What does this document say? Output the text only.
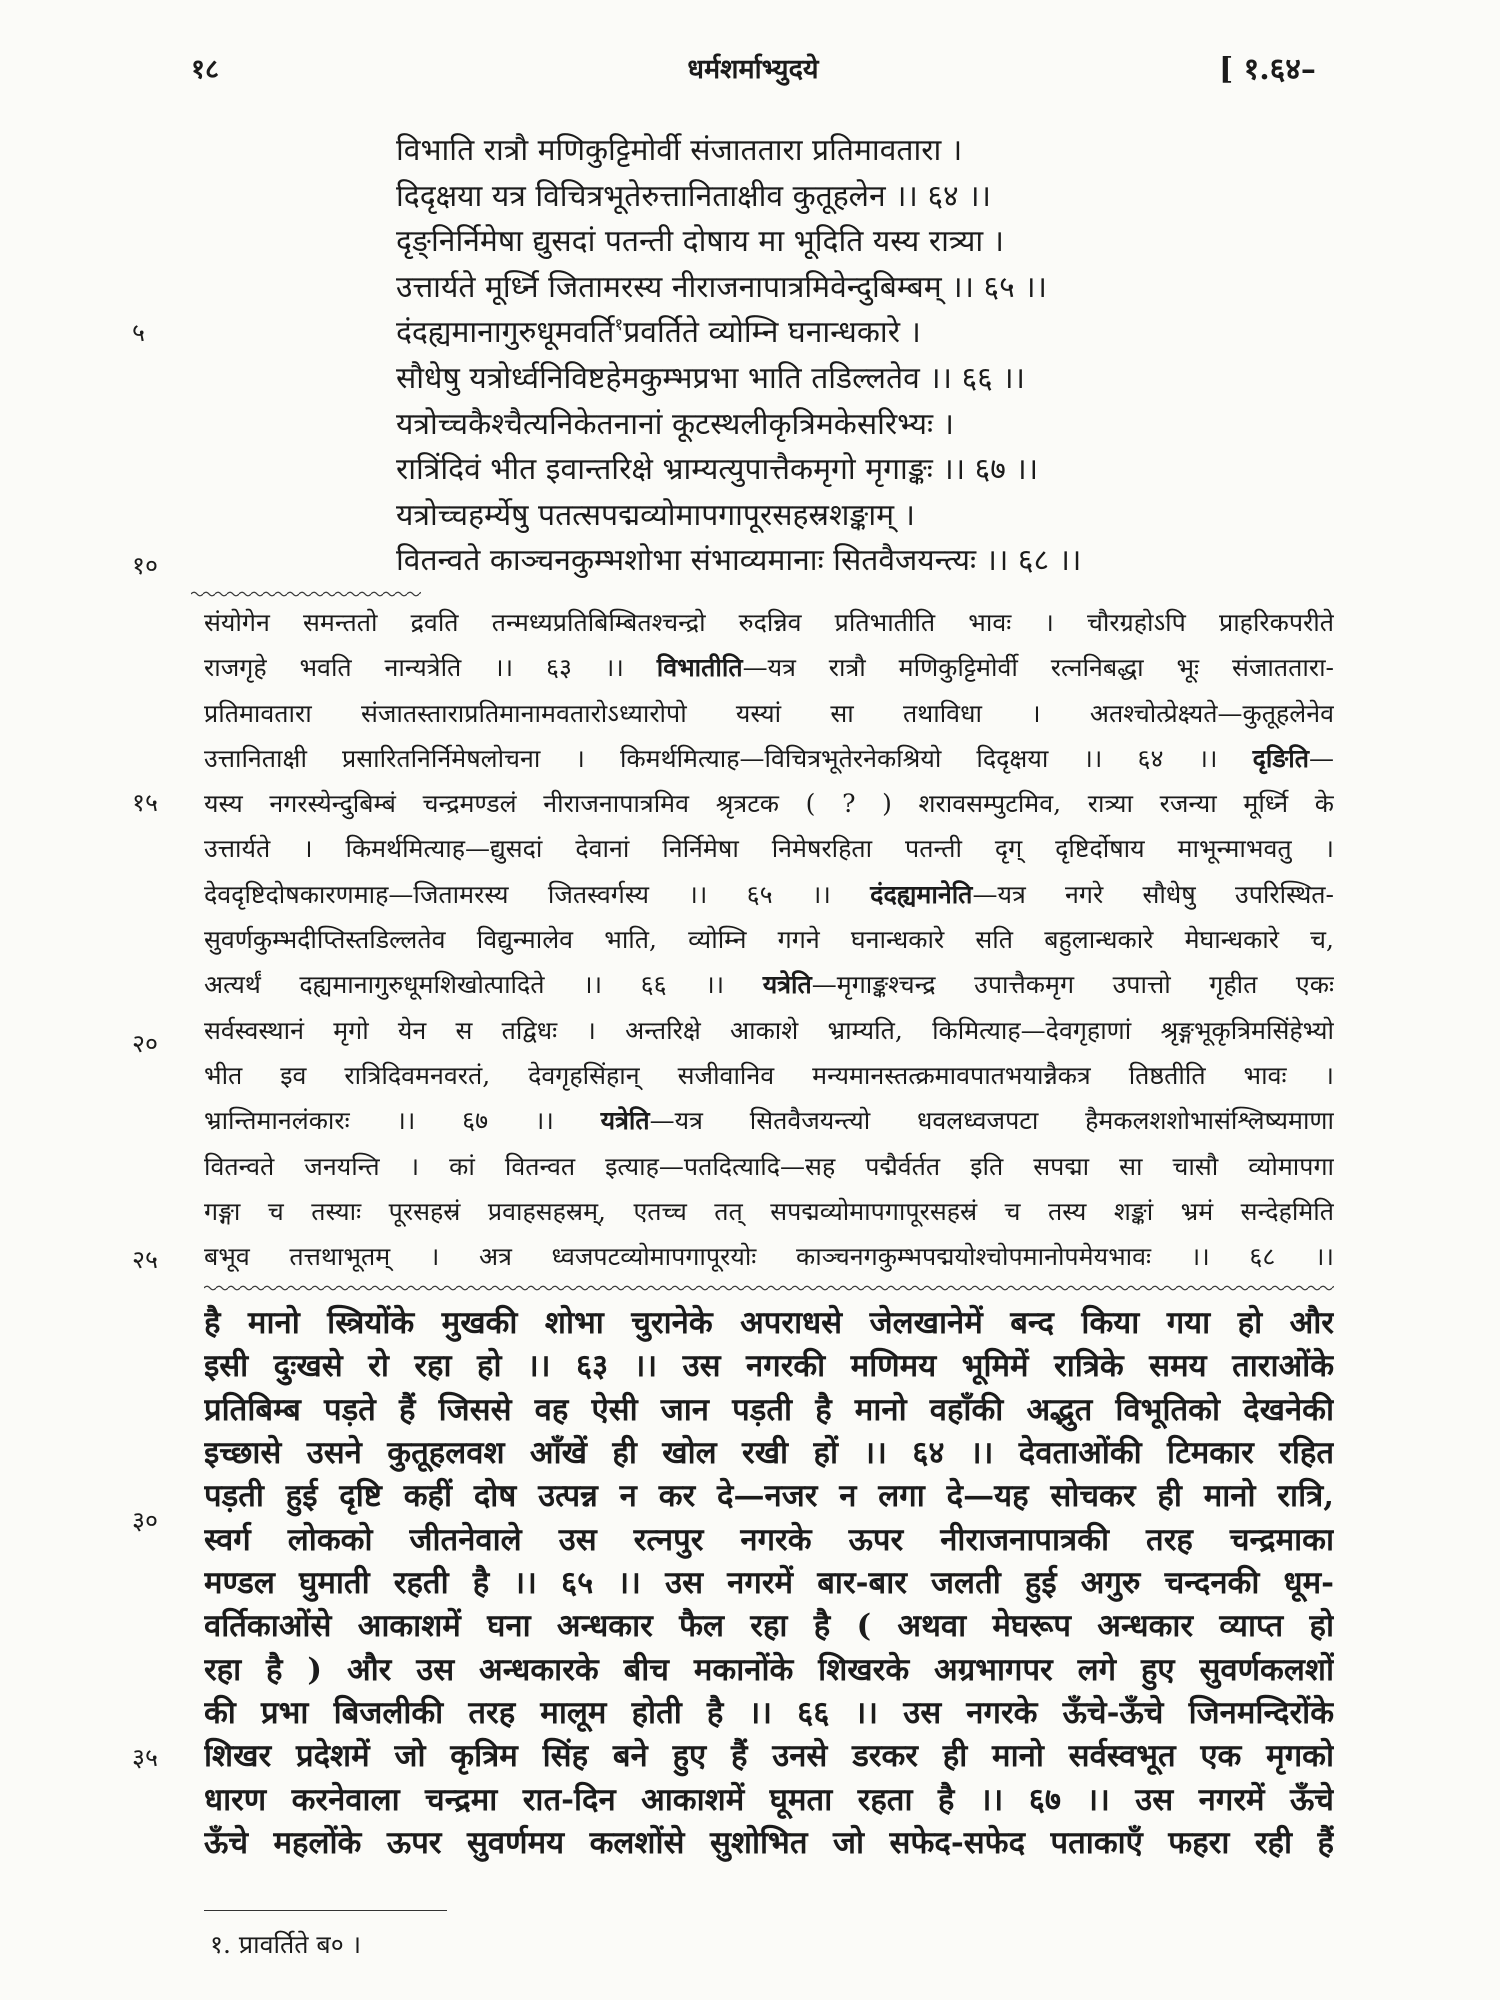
१८	धर्मशर्माभ्युदये	[ १.६४–
५
१०
१५
२०
२५
३०
३५
विभाति रात्रौ मणिकुट्टिमोर्वी संजाततारा प्रतिमावतारा ।
दिदृक्षया यत्र विचित्रभूतेरुत्तानिताक्षीव कुतूहलेन ।। ६४ ।।
दृङ्निर्निमेषा द्युसदां पतन्ती दोषाय मा भूदिति यस्य रात्र्या ।
उत्तार्यते मूर्ध्नि जितामरस्य नीराजनापात्रमिवेन्दुबिम्बम् ।। ६५ ।।
दंदह्यमानागुरुधूमवर्ति$^१$प्रवर्तिते व्योम्नि घनान्धकारे ।
सौधेषु यत्रोर्ध्वनिविष्टहेमकुम्भप्रभा भाति तडिल्लतेव ।। ६६ ।।
यत्रोच्चकैश्चैत्यनिकेतनानां कूटस्थलीकृत्रिमकेसरिभ्यः ।
रात्रिंदिवं भीत इवान्तरिक्षे भ्राम्यत्युपात्तैकमृगो मृगाङ्कः ।। ६७ ।।
यत्रोच्चहर्म्येषु पतत्सपद्मव्योमापगापूरसहस्रशङ्काम् ।
वितन्वते काञ्चनकुम्भशोभा संभाव्यमानाः सितवैजयन्त्यः ।। ६८ ।।
संयोगेन समन्ततो द्रवति तन्मध्यप्रतिबिम्बितश्चन्द्रो रुदन्निव प्रतिभातीति भावः । चौरग्रहोऽपि प्राहरिकपरीते
राजगृहे भवति नान्यत्रेति ।। ६३ ।। विभातीति—यत्र रात्रौ मणिकुट्टिमोर्वी रत्ननिबद्धा भूः संजाततारा-
प्रतिमावतारा संजातस्ताराप्रतिमानामवतारोऽध्यारोपो यस्यां सा तथाविधा । अतश्चोत्प्रेक्ष्यते—कुतूहलेनेव
उत्तानिताक्षी प्रसारितनिर्निमेषलोचना । किमर्थमित्याह—विचित्रभूतेरनेकश्रियो दिदृक्षया ।। ६४ ।। दृङिति—
यस्य नगरस्येन्दुबिम्बं चन्द्रमण्डलं नीराजनापात्रमिव श्रृत्रटक ( ? ) शरावसम्पुटमिव, रात्र्या रजन्या मूर्ध्नि के
उत्तार्यते । किमर्थमित्याह—द्युसदां देवानां निर्निमेषा निमेषरहिता पतन्ती दृग् दृष्टिर्दोषाय माभून्माभवतु ।
देवदृष्टिदोषकारणमाह—जितामरस्य जितस्वर्गस्य ।। ६५ ।। दंदह्यमानेति—यत्र नगरे सौधेषु उपरिस्थित-
सुवर्णकुम्भदीप्तिस्तडिल्लतेव विद्युन्मालेव भाति, व्योम्नि गगने घनान्धकारे सति बहुलान्धकारे मेघान्धकारे च,
अत्यर्थं दह्यमानागुरुधूमशिखोत्पादिते ।। ६६ ।। यत्रेति—मृगाङ्कश्चन्द्र उपात्तैकमृग उपात्तो गृहीत एकः
सर्वस्वस्थानं मृगो येन स तद्विधः । अन्तरिक्षे आकाशे भ्राम्यति, किमित्याह—देवगृहाणां श्रृङ्गभूकृत्रिमसिंहेभ्यो
भीत इव रात्रिदिवमनवरतं, देवगृहसिंहान् सजीवानिव मन्यमानस्तत्क्रमावपातभयान्नैकत्र तिष्ठतीति भावः ।
भ्रान्तिमानलंकारः ।। ६७ ।। यत्रेति—यत्र सितवैजयन्त्यो धवलध्वजपटा हैमकलशशोभासंश्लिष्यमाणा
वितन्वते जनयन्ति । कां वितन्वत इत्याह—पतदित्यादि—सह पद्मैर्वर्तत इति सपद्मा सा चासौ व्योमापगा
गङ्गा च तस्याः पूरसहस्रं प्रवाहसहस्रम्, एतच्च तत् सपद्मव्योमापगापूरसहस्रं च तस्य शङ्कां भ्रमं सन्देहमिति
बभूव तत्तथाभूतम् । अत्र ध्वजपटव्योमापगापूरयोः काञ्चनगकुम्भपद्मयोश्चोपमानोपमेयभावः ।। ६८ ।।
है मानो स्त्रियोंके मुखकी शोभा चुरानेके अपराधसे जेलखानेमें बन्द किया गया हो और
इसी दुःखसे रो रहा हो ।। ६३ ।। उस नगरकी मणिमय भूमिमें रात्रिके समय ताराओंके
प्रतिबिम्ब पड़ते हैं जिससे वह ऐसी जान पड़ती है मानो वहाँकी अद्भुत विभूतिको देखनेकी
इच्छासे उसने कुतूहलवश आँखें ही खोल रखी हों ।। ६४ ।। देवताओंकी टिमकार रहित
पड़ती हुई दृष्टि कहीं दोष उत्पन्न न कर दे—नजर न लगा दे—यह सोचकर ही मानो रात्रि,
स्वर्ग लोकको जीतनेवाले उस रत्नपुर नगरके ऊपर नीराजनापात्रकी तरह चन्द्रमाका
मण्डल घुमाती रहती है ।। ६५ ।। उस नगरमें बार-बार जलती हुई अगुरु चन्दनकी धूम-
वर्तिकाओंसे आकाशमें घना अन्धकार फैल रहा है ( अथवा मेघरूप अन्धकार व्याप्त हो
रहा है ) और उस अन्धकारके बीच मकानोंके शिखरके अग्रभागपर लगे हुए सुवर्णकलशों
की प्रभा बिजलीकी तरह मालूम होती है ।। ६६ ।। उस नगरके ऊँचे-ऊँचे जिनमन्दिरोंके
शिखर प्रदेशमें जो कृत्रिम सिंह बने हुए हैं उनसे डरकर ही मानो सर्वस्वभूत एक मृगको
धारण करनेवाला चन्द्रमा रात-दिन आकाशमें घूमता रहता है ।। ६७ ।। उस नगरमें ऊँचे
ऊँचे महलोंके ऊपर सुवर्णमय कलशोंसे सुशोभित जो सफेद-सफेद पताकाएँ फहरा रही हैं
१. प्रावर्तिते ब० ।
